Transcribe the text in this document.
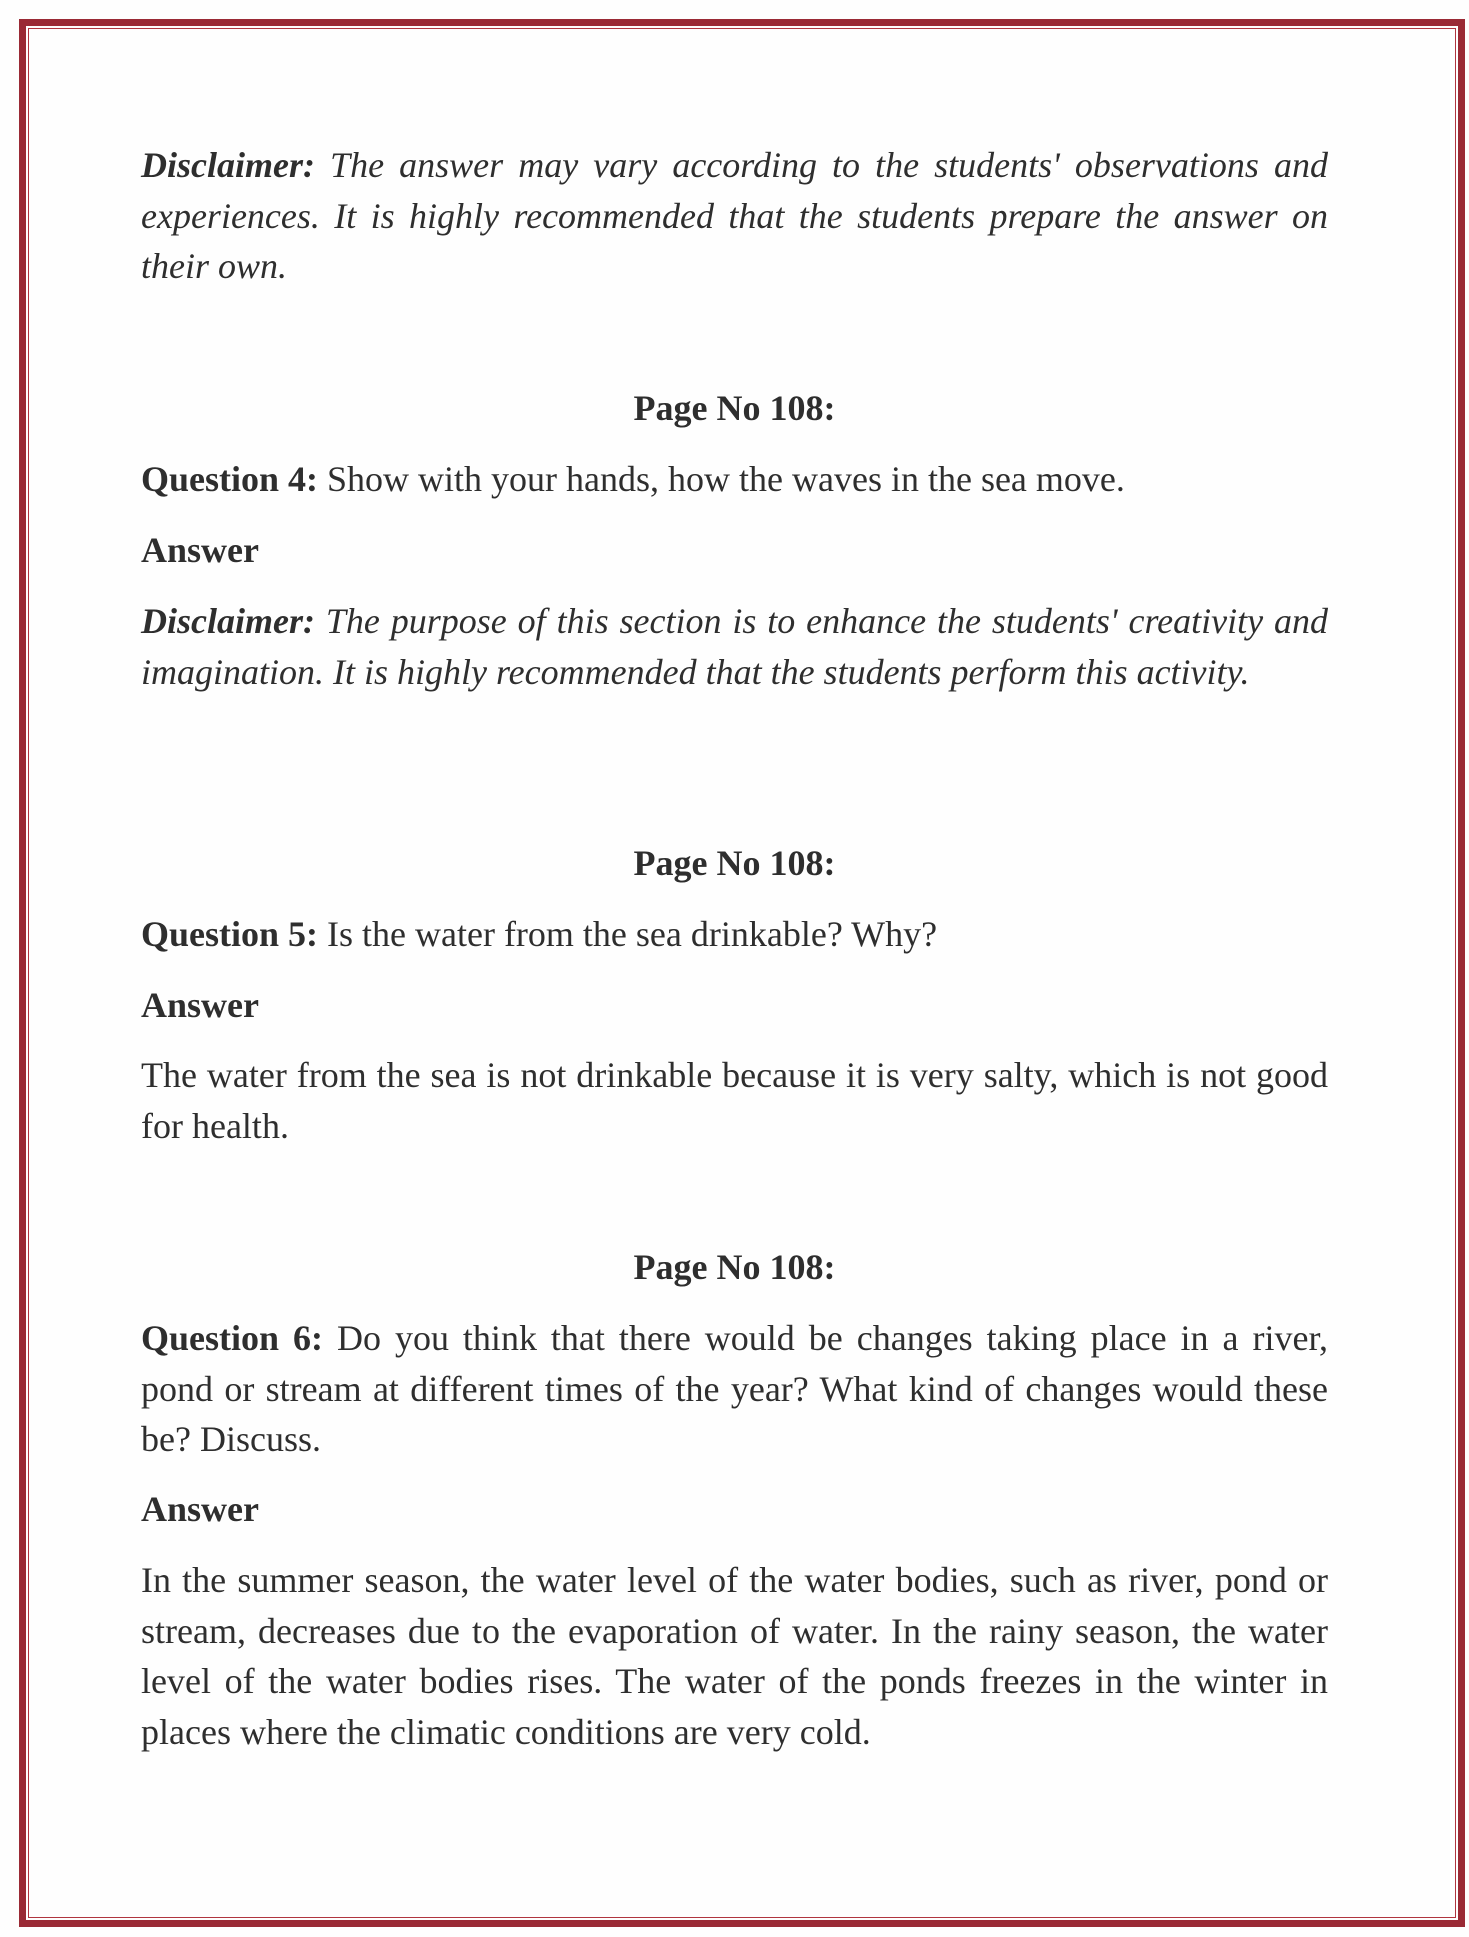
Disclaimer: The answer may vary according to the students' observations and experiences. It is highly recommended that the students prepare the answer on their own.
Page No 108:
Question 4: Show with your hands, how the waves in the sea move.
Answer
Disclaimer: The purpose of this section is to enhance the students' creativity and imagination. It is highly recommended that the students perform this activity.
Page No 108:
Question 5: Is the water from the sea drinkable? Why?
Answer
The water from the sea is not drinkable because it is very salty, which is not good for health.
Page No 108:
Question 6: Do you think that there would be changes taking place in a river, pond or stream at different times of the year? What kind of changes would these be? Discuss.
Answer
In the summer season, the water level of the water bodies, such as river, pond or stream, decreases due to the evaporation of water. In the rainy season, the water level of the water bodies rises. The water of the ponds freezes in the winter in places where the climatic conditions are very cold.
